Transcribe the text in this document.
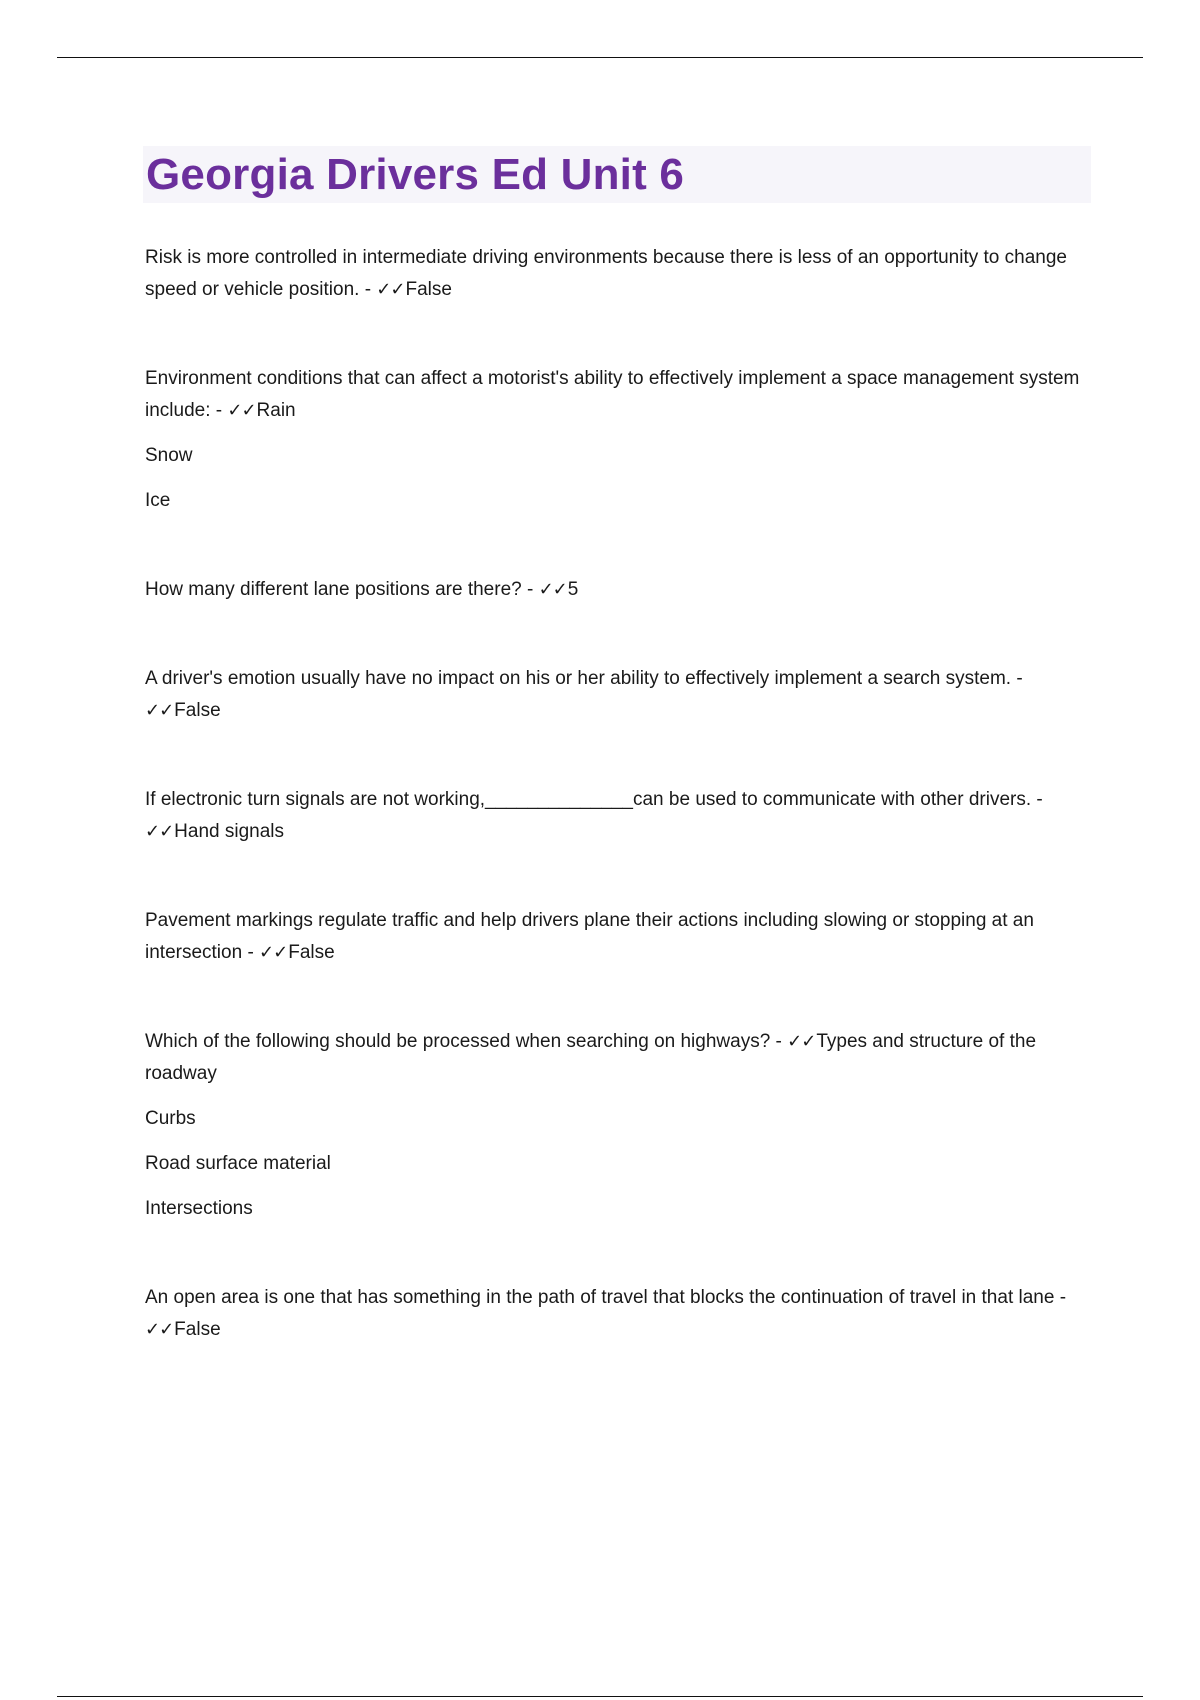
Georgia Drivers Ed Unit 6

Risk is more controlled in intermediate driving environments because there is less of an opportunity to change speed or vehicle position. - ✓✓False

Environment conditions that can affect a motorist's ability to effectively implement a space management system include: - ✓✓Rain

Snow
Ice

How many different lane positions are there? - ✓✓5

A driver's emotion usually have no impact on his or her ability to effectively implement a search system. - ✓✓False

If electronic turn signals are not working,______________can be used to communicate with other drivers. - ✓✓Hand signals

Pavement markings regulate traffic and help drivers plane their actions including slowing or stopping at an intersection - ✓✓False

Which of the following should be processed when searching on highways? - ✓✓Types and structure of the roadway

Curbs
Road surface material
Intersections

An open area is one that has something in the path of travel that blocks the continuation of travel in that lane - ✓✓False
